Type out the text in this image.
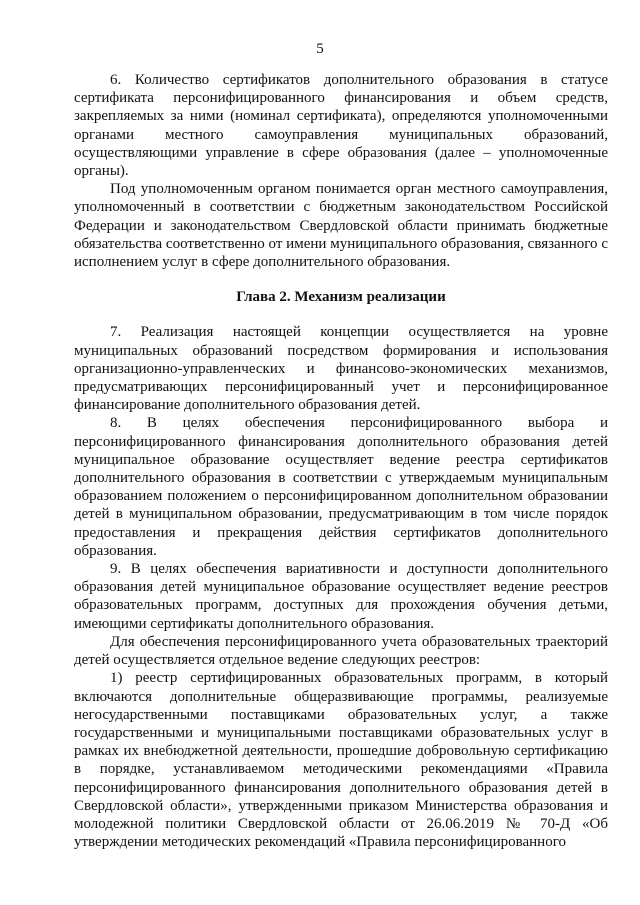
5

6. Количество сертификатов дополнительного образования в статусе сертификата персонифицированного финансирования и объем средств, закрепляемых за ними (номинал сертификата), определяются уполномоченными органами местного самоуправления муниципальных образований, осуществляющими управление в сфере образования (далее – уполномоченные органы).

Под уполномоченным органом понимается орган местного самоуправления, уполномоченный в соответствии с бюджетным законодательством Российской Федерации и законодательством Свердловской области принимать бюджетные обязательства соответственно от имени муниципального образования, связанного с исполнением услуг в сфере дополнительного образования.

Глава 2. Механизм реализации

7. Реализация настоящей концепции осуществляется на уровне муниципальных образований посредством формирования и использования организационно-управленческих и финансово-экономических механизмов, предусматривающих персонифицированный учет и персонифицированное финансирование дополнительного образования детей.

8. В целях обеспечения персонифицированного выбора и персонифицированного финансирования дополнительного образования детей муниципальное образование осуществляет ведение реестра сертификатов дополнительного образования в соответствии с утверждаемым муниципальным образованием положением о персонифицированном дополнительном образовании детей в муниципальном образовании, предусматривающим в том числе порядок предоставления и прекращения действия сертификатов дополнительного образования.

9. В целях обеспечения вариативности и доступности дополнительного образования детей муниципальное образование осуществляет ведение реестров образовательных программ, доступных для прохождения обучения детьми, имеющими сертификаты дополнительного образования.

Для обеспечения персонифицированного учета образовательных траекторий детей осуществляется отдельное ведение следующих реестров:

1) реестр сертифицированных образовательных программ, в который включаются дополнительные общеразвивающие программы, реализуемые негосударственными поставщиками образовательных услуг, а также государственными и муниципальными поставщиками образовательных услуг в рамках их внебюджетной деятельности, прошедшие добровольную сертификацию в порядке, устанавливаемом методическими рекомендациями «Правила персонифицированного финансирования дополнительного образования детей в Свердловской области», утвержденными приказом Министерства образования и молодежной политики Свердловской области от 26.06.2019 № 70-Д «Об утверждении методических рекомендаций «Правила персонифицированного
